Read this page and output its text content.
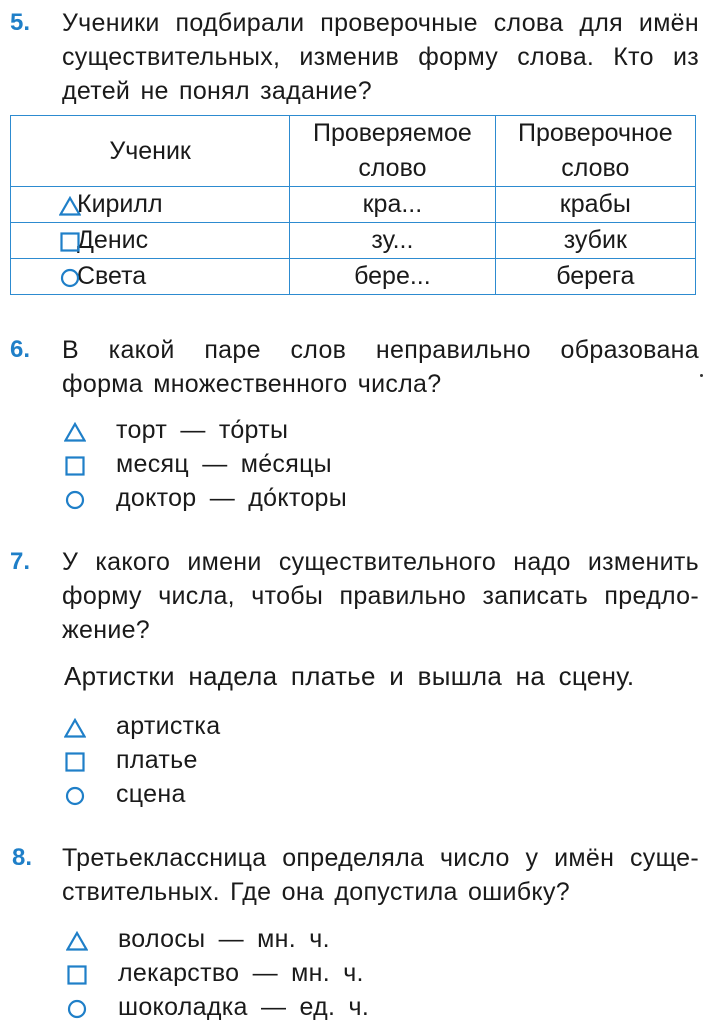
5. Ученики подбирали проверочные слова для имён
существительных, изменив форму слова. Кто из
детей не понял задание?
Ученик	Проверяемое слово	Проверочное слово

Кирилл	кра...	крабы

Денис	зу...	зубик

Света	бере...	берега
6. В какой паре слов неправильно образована
форма множественного числа?
торт — то́рты
месяц — ме́сяцы
доктор — до́кторы
7. У какого имени существительного надо изменить
форму числа, чтобы правильно записать предло-
жение?
Артистки надела платье и вышла на сцену.
артистка
платье
сцена
8. Третьеклассница определяла число у имён суще-
ствительных. Где она допустила ошибку?
волосы — мн. ч.
лекарство — мн. ч.
шоколадка — ед. ч.
